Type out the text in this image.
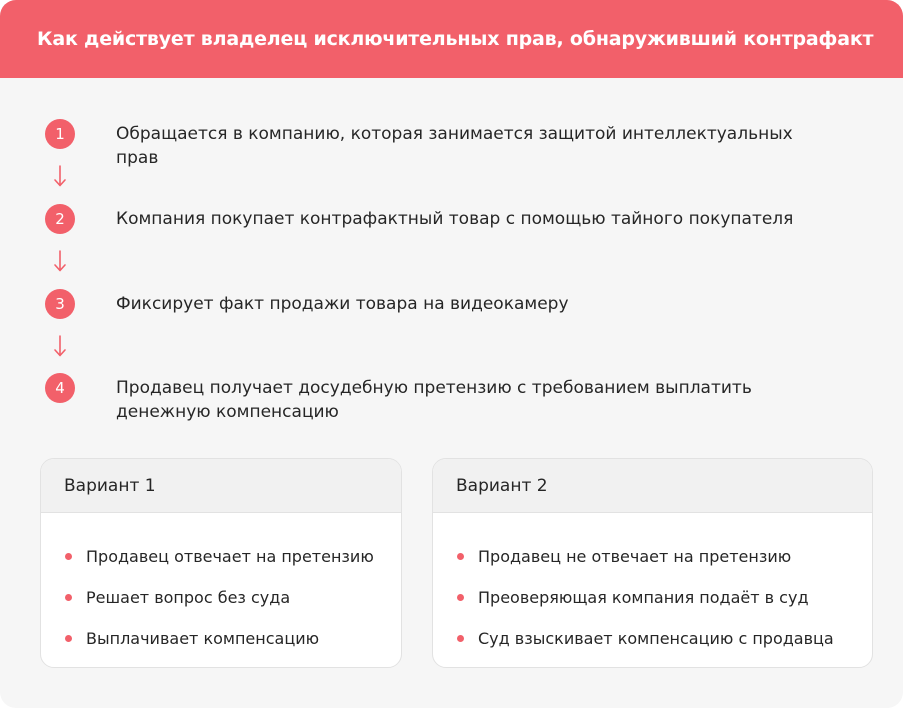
Как действует владелец исключительных прав, обнаруживший контрафакт
1	Обращается в компанию, которая занимается защитой интеллектуальных прав
2	Компания покупает контрафактный товар с помощью тайного покупателя
3	Фиксирует факт продажи товара на видеокамеру
4	Продавец получает досудебную претензию с требованием выплатить денежную компенсацию
Вариант 1
Продавец отвечает на претензию
Решает вопрос без суда
Выплачивает компенсацию
Вариант 2
Продавец не отвечает на претензию
Преоверяющая компания подаёт в суд
Суд взыскивает компенсацию с продавца
